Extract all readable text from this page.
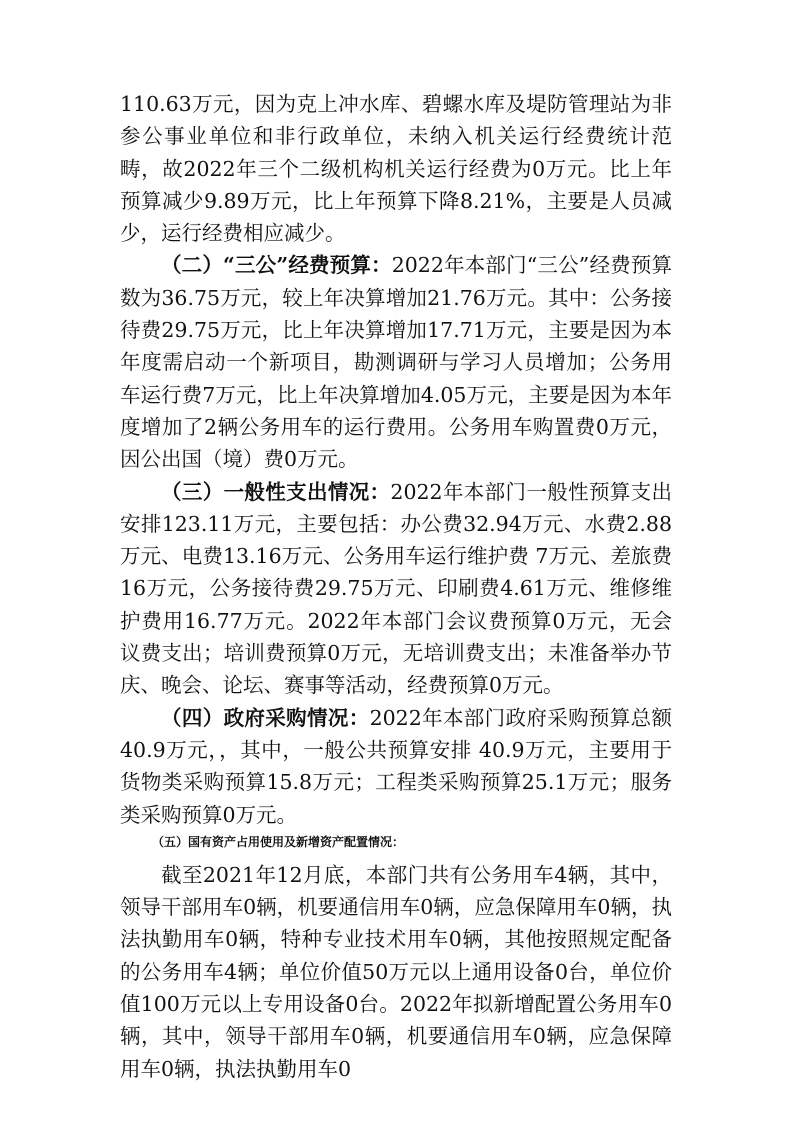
110.63万元，因为克上冲水库、碧螺水库及堤防管理站为非参公事业单位和非行政单位，未纳入机关运行经费统计范畴，故2022年三个二级机构机关运行经费为0万元。比上年预算减少9.89万元，比上年预算下降8.21%，主要是人员减少，运行经费相应减少。

（二）“三公”经费预算：2022年本部门“三公”经费预算数为36.75万元，较上年决算增加21.76万元。其中：公务接待费29.75万元，比上年决算增加17.71万元，主要是因为本年度需启动一个新项目，勘测调研与学习人员增加；公务用车运行费7万元，比上年决算增加4.05万元，主要是因为本年度增加了2辆公务用车的运行费用。公务用车购置费0万元，因公出国（境）费0万元。

（三）一般性支出情况：2022年本部门一般性预算支出安排123.11万元，主要包括：办公费32.94万元、水费2.88万元、电费13.16万元、公务用车运行维护费 7万元、差旅费16万元，公务接待费29.75万元、印刷费4.61万元、维修维护费用16.77万元。2022年本部门会议费预算0万元，无会议费支出；培训费预算0万元，无培训费支出；未准备举办节庆、晚会、论坛、赛事等活动，经费预算0万元。

（四）政府采购情况：2022年本部门政府采购预算总额40.9万元，，其中，一般公共预算安排 40.9万元，主要用于货物类采购预算15.8万元；工程类采购预算25.1万元；服务类采购预算0万元。

（五）国有资产占用使用及新增资产配置情况：

截至2021年12月底，本部门共有公务用车4辆，其中，领导干部用车0辆，机要通信用车0辆，应急保障用车0辆，执法执勤用车0辆，特种专业技术用车0辆，其他按照规定配备的公务用车4辆；单位价值50万元以上通用设备0台，单位价值100万元以上专用设备0台。2022年拟新增配置公务用车0辆，其中，领导干部用车0辆，机要通信用车0辆，应急保障用车0辆，执法执勤用车0
